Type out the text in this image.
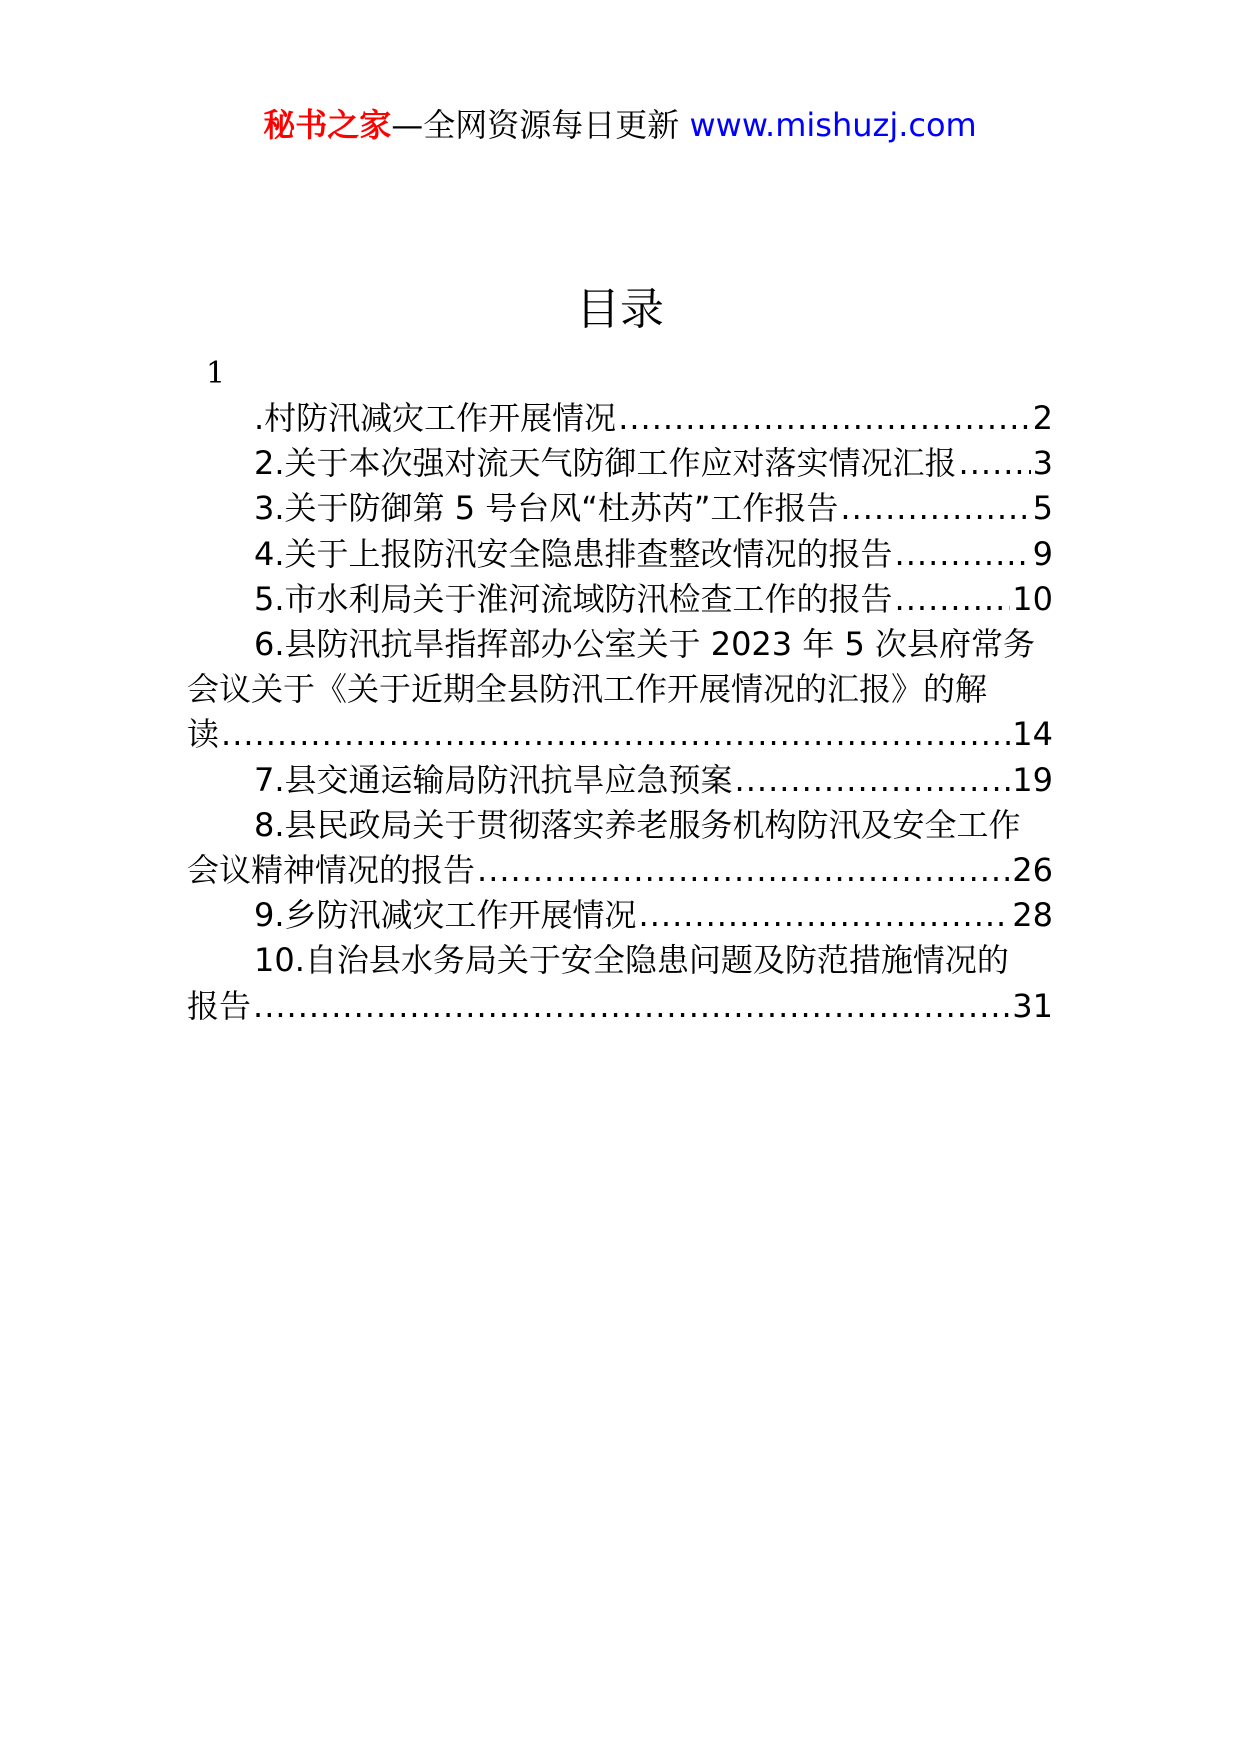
秘书之家—全网资源每日更新 www.mishuzj.com
目录
1
.村防汛减灾工作开展情况 .....	2
2.关于本次强对流天气防御工作应对落实情况汇报 ..... 3
3.关于防御第 5 号台风“杜苏芮”工作报告 .....	5
4.关于上报防汛安全隐患排查整改情况的报告 .....	9
5.市水利局关于淮河流域防汛检查工作的报告 .....	10
6.县防汛抗旱指挥部办公室关于 2023 年 5 次县府常务
会议关于《关于近期全县防汛工作开展情况的汇报》的解
读 .....	14
7.县交通运输局防汛抗旱应急预案 .....	19
8.县民政局关于贯彻落实养老服务机构防汛及安全工作
会议精神情况的报告 .....	26
9.乡防汛减灾工作开展情况 .....	28
10.自治县水务局关于安全隐患问题及防范措施情况的
报告 .....	31
